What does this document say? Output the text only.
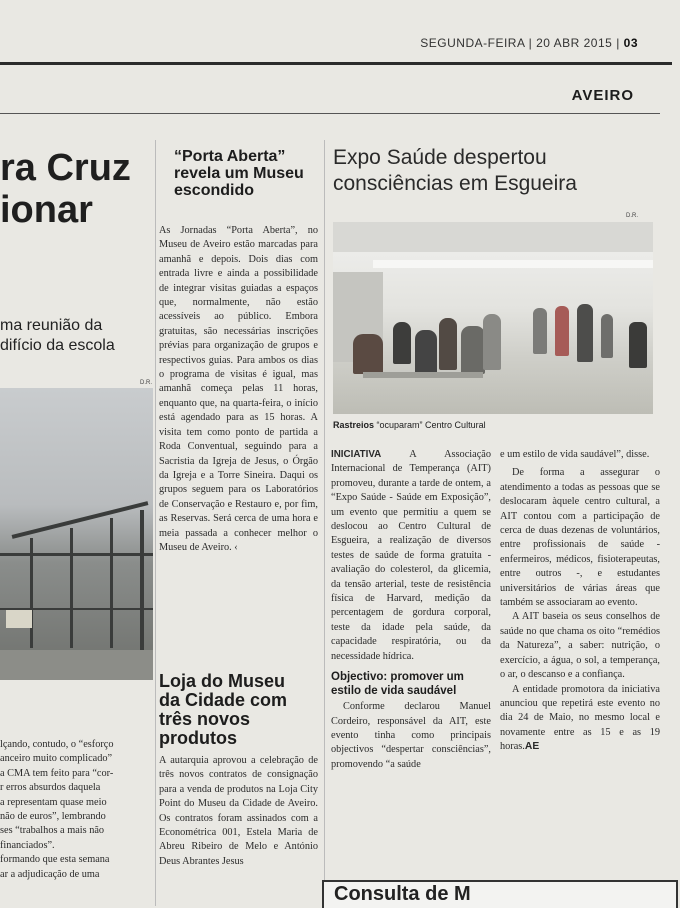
SEGUNDA-FEIRA | 20 ABR 2015 | 03
AVEIRO
ra Cruz
ionar
ma reunião da
difício da escola
D.R.

lçando, contudo, o “esforço

anceiro muito complicado”

a CMA tem feito para “cor-

r erros absurdos daquela

a representam quase meio

não de euros”, lembrando

ses “trabalhos a mais não

financiados”.

formando que esta semana

ar a adjudicação de uma

“Porta Aberta” revela um Museu escondido

As Jornadas “Porta Aberta”, no Museu de Aveiro estão marcadas para amanhã e depois. Dois dias com entrada livre e ainda a possibilidade de integrar visitas guiadas a espaços que, normalmente, não estão acessíveis ao público. Embora gratuitas, são necessárias inscrições prévias para organização de grupos e respectivos guias. Para ambos os dias o programa de visitas é igual, mas amanhã começa pelas 11 horas, enquanto que, na quarta-feira, o início está agendado para as 15 horas. A visita tem como ponto de partida a Roda Conventual, seguindo para a Sacristia da Igreja de Jesus, o Órgão da Igreja e a Torre Sineira. Daqui os grupos seguem para os Laboratórios de Conservação e Restauro e, por fim, as Reservas. Será cerca de uma hora e meia passada a conhecer melhor o Museu de Aveiro. ‹

Loja do Museu da Cidade com três novos produtos

A autarquia aprovou a celebração de três novos contratos de consignação para a venda de produtos na Loja City Point do Museu da Cidade de Aveiro. Os contratos foram assinados com a Econométrica 001, Estela Maria de Abreu Ribeiro de Melo e António Deus Abrantes Jesus

Expo Saúde despertou consciências em Esgueira
D.R.
Rastreios “ocuparam” Centro Cultural

INICIATIVA A Associação Internacional de Temperança (AIT) promoveu, durante a tarde de ontem, a “Expo Saúde - Saúde em Exposição”, um evento que permitiu a quem se deslocou ao Centro Cultural de Esgueira, a realização de diversos testes de saúde de forma gratuita - avaliação do colesterol, da glicemia, da tensão arterial, teste de resistência física de Harvard, medição da percentagem de gordura corporal, teste da idade pela saúde, da capacidade respiratória, ou da necessidade hídrica.

Objectivo: promover um estilo de vida saudável

Conforme declarou Manuel Cordeiro, responsável da AIT, este evento tinha como principais objectivos “despertar consciências”, promovendo “a saúde

e um estilo de vida saudável”, disse.

De forma a assegurar o atendimento a todas as pessoas que se deslocaram àquele centro cultural, a AIT contou com a participação de cerca de duas dezenas de voluntários, entre profissionais de saúde - enfermeiros, médicos, fisioterapeutas, entre outros -, e estudantes universitários de várias áreas que também se associaram ao evento.

A AIT baseia os seus conselhos de saúde no que chama os oito “remédios da Natureza”, a saber: nutrição, o exercício, a água, o sol, a temperança, o ar, o descanso e a confiança.

A entidade promotora da iniciativa anunciou que repetirá este evento no dia 24 de Maio, no mesmo local e novamente entre as 15 e as 19 horas.AE

Consulta de M
